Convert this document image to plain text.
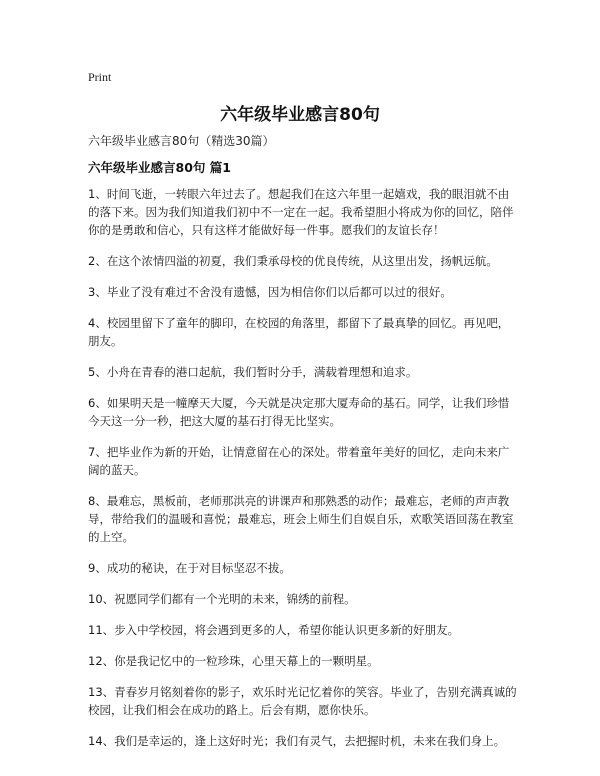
Print
六年级毕业感言80句
六年级毕业感言80句（精选30篇）
六年级毕业感言80句 篇1

1、时间飞逝，一转眼六年过去了。想起我们在这六年里一起嬉戏，我的眼泪就不由的落下来。因为我们知道我们初中不一定在一起。我希望胆小将成为你的回忆，陪伴你的是勇敢和信心，只有这样才能做好每一件事。愿我们的友谊长存！

2、在这个浓情四溢的初夏，我们秉承母校的优良传统，从这里出发，扬帆远航。

3、毕业了没有难过不舍没有遗憾，因为相信你们以后都可以过的很好。

4、校园里留下了童年的脚印，在校园的角落里，都留下了最真挚的回忆。再见吧，朋友。

5、小舟在青春的港口起航，我们暂时分手，满载着理想和追求。

6、如果明天是一幢摩天大厦，今天就是决定那大厦寿命的基石。同学，让我们珍惜今天这一分一秒，把这大厦的基石打得无比坚实。

7、把毕业作为新的开始，让情意留在心的深处。带着童年美好的回忆，走向未来广阔的蓝天。

8、最难忘，黑板前，老师那洪亮的讲课声和那熟悉的动作；最难忘，老师的声声教导，带给我们的温暖和喜悦；最难忘，班会上师生们自娱自乐，欢歌笑语回荡在教室的上空。

9、成功的秘诀，在于对目标坚忍不拔。

10、祝愿同学们都有一个光明的未来，锦绣的前程。

11、步入中学校园，将会遇到更多的人，希望你能认识更多新的好朋友。

12、你是我记忆中的一粒珍珠，心里天幕上的一颗明星。

13、青春岁月铭刻着你的影子，欢乐时光记忆着你的笑容。毕业了，告别充满真诚的校园，让我们相会在成功的路上。后会有期，愿你快乐。

14、我们是幸运的，逢上这好时光；我们有灵气，去把握时机，未来在我们身上。
